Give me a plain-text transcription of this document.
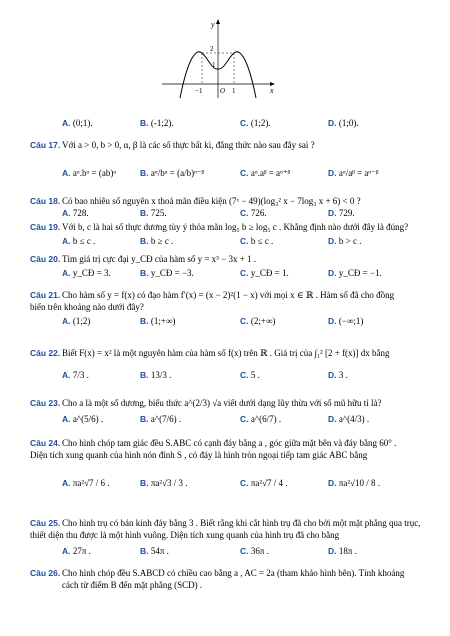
y
x
2
1
−1	O 1
A. (0;1).	B. (-1;2).	C. (1;2).	D. (1;0).
Câu 17. Với a > 0, b > 0, α, β là các số thực bất kì, đẳng thức nào sau đây sai ?
A. aᵅ.bᵅ = (ab)ᵅ	B. aᵅ/bᵅ = (a/b)ᵅ⁻ᵝ	C. aᵅ.aᵝ = aᵅ⁺ᵝ	D. aᵅ/aᵝ = aᵅ⁻ᵝ
Câu 18. Có bao nhiêu số nguyên x thoả mãn điều kiện (7ˣ − 49)(log₃² x − 7log₃ x + 6) < 0 ?
A. 728.	B. 725.	C. 726.	D. 729.
Câu 19. Với b, c là hai số thực dương tùy ý thỏa mãn log₅ b ≥ log₅ c . Khẳng định nào dưới đây là đúng?
A. b ≤ c .	B. b ≥ c .	C. b ≤ c .	D. b > c .
Câu 20. Tìm giá trị cực đại y_CĐ của hàm số y = x³ − 3x + 1 .
A. y_CĐ = 3.	B. y_CĐ = −3.	C. y_CĐ = 1.	D. y_CĐ = −1.
Câu 21. Cho hàm số y = f(x) có đạo hàm f′(x) = (x − 2)²(1 − x) với mọi x ∈ ℝ . Hàm số đã cho đồng
biến trên khoảng nào dưới đây?
A. (1;2)	B. (1;+∞)	C. (2;+∞)	D. (−∞;1)
Câu 22. Biết F(x) = x² là một nguyên hàm của hàm số f(x) trên ℝ . Giá trị của ∫₁² [2 + f(x)] dx bằng
A. 7/3 .	B. 13/3 .	C. 5 .	D. 3 .
Câu 23. Cho a là một số dương, biểu thức a^(2/3) √a viết dưới dạng lũy thừa với số mũ hữu tỉ là?
A. a^(5/6) .	B. a^(7/6) .	C. a^(6/7) .	D. a^(4/3) .
Câu 24. Cho hình chóp tam giác đều S.ABC có cạnh đáy bằng a , góc giữa mặt bên và đáy bằng 60° .
Diện tích xung quanh của hình nón đỉnh S , có đáy là hình tròn ngoại tiếp tam giác ABC bằng
A. πa²√7 / 6 .	B. πa²√3 / 3 .	C. πa²√7 / 4 .	D. πa²√10 / 8 .
Câu 25. Cho hình trụ có bán kính đáy bằng 3 . Biết rằng khi cắt hình trụ đã cho bởi một mặt phẳng qua trục,
thiết diện thu được là một hình vuông. Diện tích xung quanh của hình trụ đã cho bằng
A. 27π .	B. 54π .	C. 36π .	D. 18π .
Câu 26. Cho hình chóp đều S.ABCD có chiều cao bằng a , AC = 2a (tham khảo hình bên). Tính khoảng
cách từ điểm B đến mặt phẳng (SCD) .
